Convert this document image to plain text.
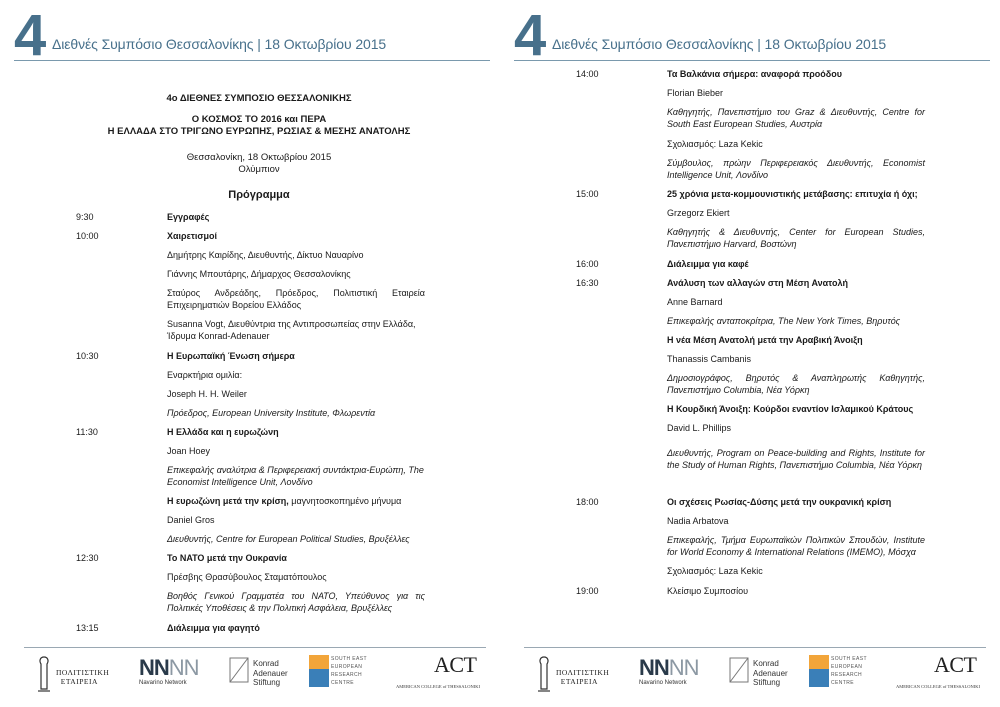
4 Διεθνές Συμπόσιο Θεσσαλονίκης | 18 Οκτωβρίου 2015
4ο ΔΙΕΘΝΕΣ ΣΥΜΠΟΣΙΟ ΘΕΣΣΑΛΟΝΙΚΗΣ
Ο ΚΟΣΜΟΣ ΤΟ 2016 και ΠΕΡΑ
Η ΕΛΛΑΔΑ ΣΤΟ ΤΡΙΓΩΝΟ ΕΥΡΩΠΗΣ, ΡΩΣΙΑΣ & ΜΕΣΗΣ ΑΝΑΤΟΛΗΣ
Θεσσαλονίκη, 18 Οκτωβρίου 2015
Ολύμπιον
Πρόγραμμα
9:30
10:00
10:30
11:30
12:30
13:15
Εγγραφές
Χαιρετισμοί
Δημήτρης Καιρίδης, Διευθυντής, Δίκτυο Ναυαρίνο
Γιάννης Μπουτάρης, Δήμαρχος Θεσσαλονίκης
Σταύρος Ανδρεάδης, Πρόεδρος, Πολιτιστική Εταιρεία Επιχειρηματιών Βορείου Ελλάδος
Susanna Vogt, Διευθύντρια της Αντιπροσωπείας στην Ελλάδα, Ίδρυμα Konrad-Adenauer
Η Ευρωπαϊκή Ένωση σήμερα
Εναρκτήρια ομιλία:
Joseph H. H. Weiler
Πρόεδρος, European University Institute, Φλωρεντία
Η Ελλάδα και η ευρωζώνη
Joan Hoey
Επικεφαλής αναλύτρια & Περιφερειακή συντάκτρια-Ευρώπη, The Economist Intelligence Unit, Λονδίνο
Η ευρωζώνη μετά την κρίση, μαγνητοσκοπημένο μήνυμα
Daniel Gros
Διευθυντής, Centre for European Political Studies, Βρυξέλλες
Το ΝΑΤΟ μετά την Ουκρανία
Πρέσβης Θρασύβουλος Σταματόπουλος
Βοηθός Γενικού Γραμματέα του ΝΑΤΟ, Υπεύθυνος για τις Πολιτικές Υποθέσεις & την Πολιτική Ασφάλεια, Βρυξέλλες
Διάλειμμα για φαγητό
ΠΟΛΙΤΙΣΤΙΚΗ
ΕΤΑΙΡΕΙΑ
NNNN
Navarino Network
Konrad
Adenauer
Stiftung
SOUTH EAST EUROPEAN RESEARCH CENTRE
ACT
AMERICAN COLLEGE of THESSALONIKI
4 Διεθνές Συμπόσιο Θεσσαλονίκης | 18 Οκτωβρίου 2015
14:00
15:00
16:00
16:30
18:00
19:00
Τα Βαλκάνια σήμερα: αναφορά προόδου
Florian Bieber
Καθηγητής, Πανεπιστήμιο του Graz & Διευθυντής, Centre for South East European Studies, Αυστρία
Σχολιασμός: Laza Kekic
Σύμβουλος, πρώην Περιφερειακός Διευθυντής, Economist Intelligence Unit, Λονδίνο
25 χρόνια μετα-κομμουνιστικής μετάβασης: επιτυχία ή όχι;
Grzegorz Ekiert
Καθηγητής & Διευθυντής, Center for European Studies, Πανεπιστήμιο Harvard, Βοστώνη
Διάλειμμα για καφέ
Ανάλυση των αλλαγών στη Μέση Ανατολή
Anne Barnard
Επικεφαλής ανταποκρίτρια, The New York Times, Βηρυτός
Η νέα Μέση Ανατολή μετά την Αραβική Άνοιξη
Thanassis Cambanis
Δημοσιογράφος, Βηρυτός & Αναπληρωτής Καθηγητής, Πανεπιστήμιο Columbia, Νέα Υόρκη
Η Κουρδική Άνοιξη: Κούρδοι εναντίον Ισλαμικού Κράτους
David L. Phillips
Διευθυντής, Program on Peace-building and Rights, Institute for the Study of Human Rights, Πανεπιστήμιο Columbia, Νέα Υόρκη
Οι σχέσεις Ρωσίας-Δύσης μετά την ουκρανική κρίση
Nadia Arbatova
Επικεφαλής, Τμήμα Ευρωπαϊκών Πολιτικών Σπουδών, Institute for World Economy & International Relations (IMEMO), Μόσχα
Σχολιασμός: Laza Kekic
Κλείσιμο Συμποσίου
ΠΟΛΙΤΙΣΤΙΚΗ
ΕΤΑΙΡΕΙΑ
NNNN
Navarino Network
Konrad
Adenauer
Stiftung
SOUTH EAST EUROPEAN RESEARCH CENTRE
ACT
AMERICAN COLLEGE of THESSALONIKI
